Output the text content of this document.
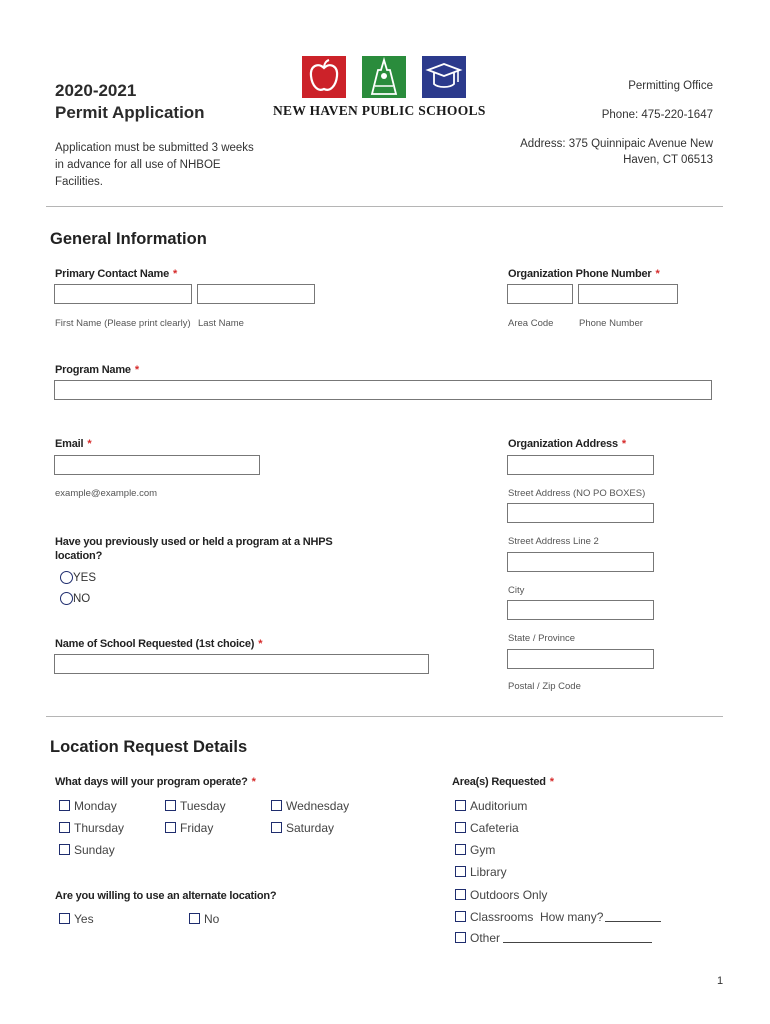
2020-2021
Permit Application
Application must be submitted 3 weeks in advance for all use of NHBOE Facilities.
NEW HAVEN PUBLIC SCHOOLS
Permitting Office
Phone: 475-220-1647
Address: 375 Quinnipaic Avenue New
Haven, CT 06513
General Information
Primary Contact Name *
First Name (Please print clearly) Last Name
Organization Phone Number *
Area Code	Phone Number
Program Name *
Email *
example@example.com
Organization Address *
Street Address (NO PO BOXES)
Street Address Line 2
City
State / Province
Postal / Zip Code
Have you previously used or held a program at a NHPS
location?
YES
NO
Name of School Requested (1st choice) *
Location Request Details
What days will your program operate? *
Monday	Tuesday	Wednesday
Thursday	Friday	Saturday
Sunday
Are you willing to use an alternate location?
Yes	No
Area(s) Requested *
Auditorium
Cafeteria
Gym
Library
Outdoors Only
Classrooms  How many?
Other
1
